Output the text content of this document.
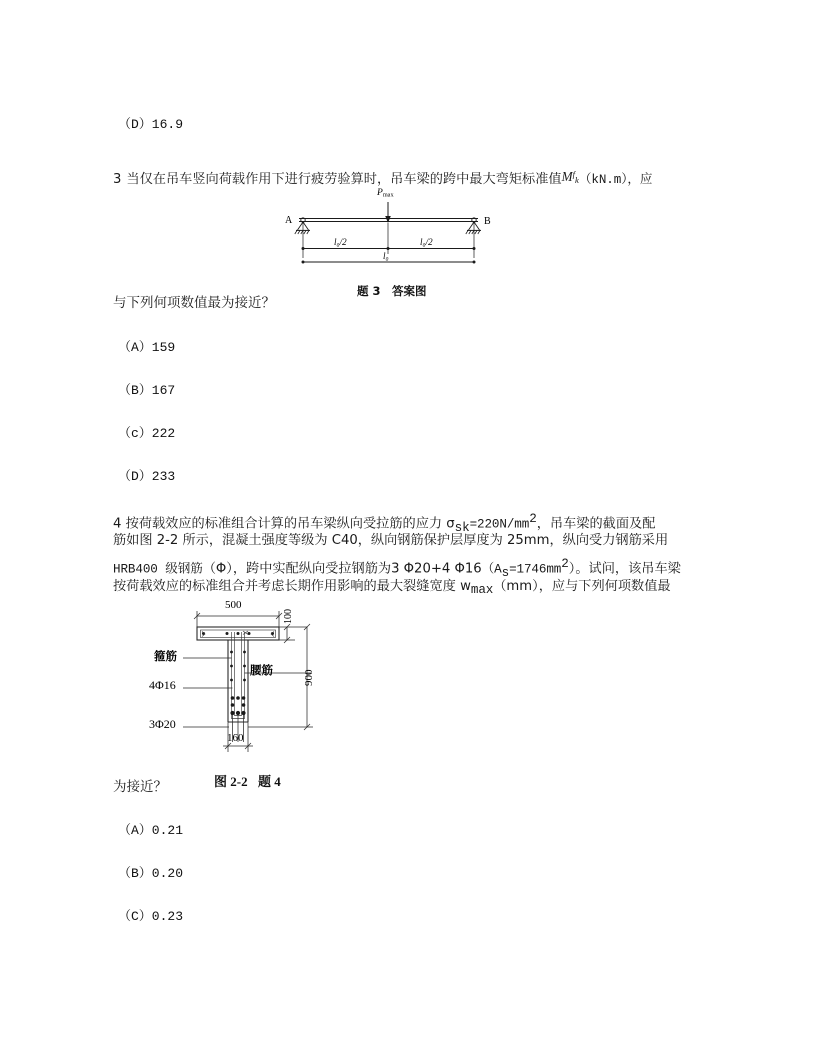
（D）16.9
3 当仅在吊车竖向荷载作用下进行疲劳验算时，吊车梁的跨中最大弯矩标准值$M^f_k(kN.m)$，应
$P_{max}$
A	B
l₀/2	l₀/2
l₀
题 3　答案图
与下列何项数值最为接近？
（A）159
（B）167
（c）222
（D）233
4 按荷载效应的标准组合计算的吊车梁纵向受拉筋的应力 $\sigma_{sk}=220N/mm^2$，吊车梁的截面及配
筋如图 2-2 所示，混凝土强度等级为 C40，纵向钢筋保护层厚度为 25mm，纵向受力钢筋采用
HRB400 级钢筋（Φ），跨中实配纵向受拉钢筋为3 Φ20+4 $\Phi 16(A_s=1746mm^2)$。试问，该吊车梁
按荷载效应的标准组合并考虑长期作用影响的最大裂缝宽度 $w_{max}(mm)$，应与下列何项数值最
500
100
900
160
箍筋
腰筋
4Φ16
3Φ20
图 2-2 题 4
为接近？
（A）0.21
（B）0.20
（C）0.23
